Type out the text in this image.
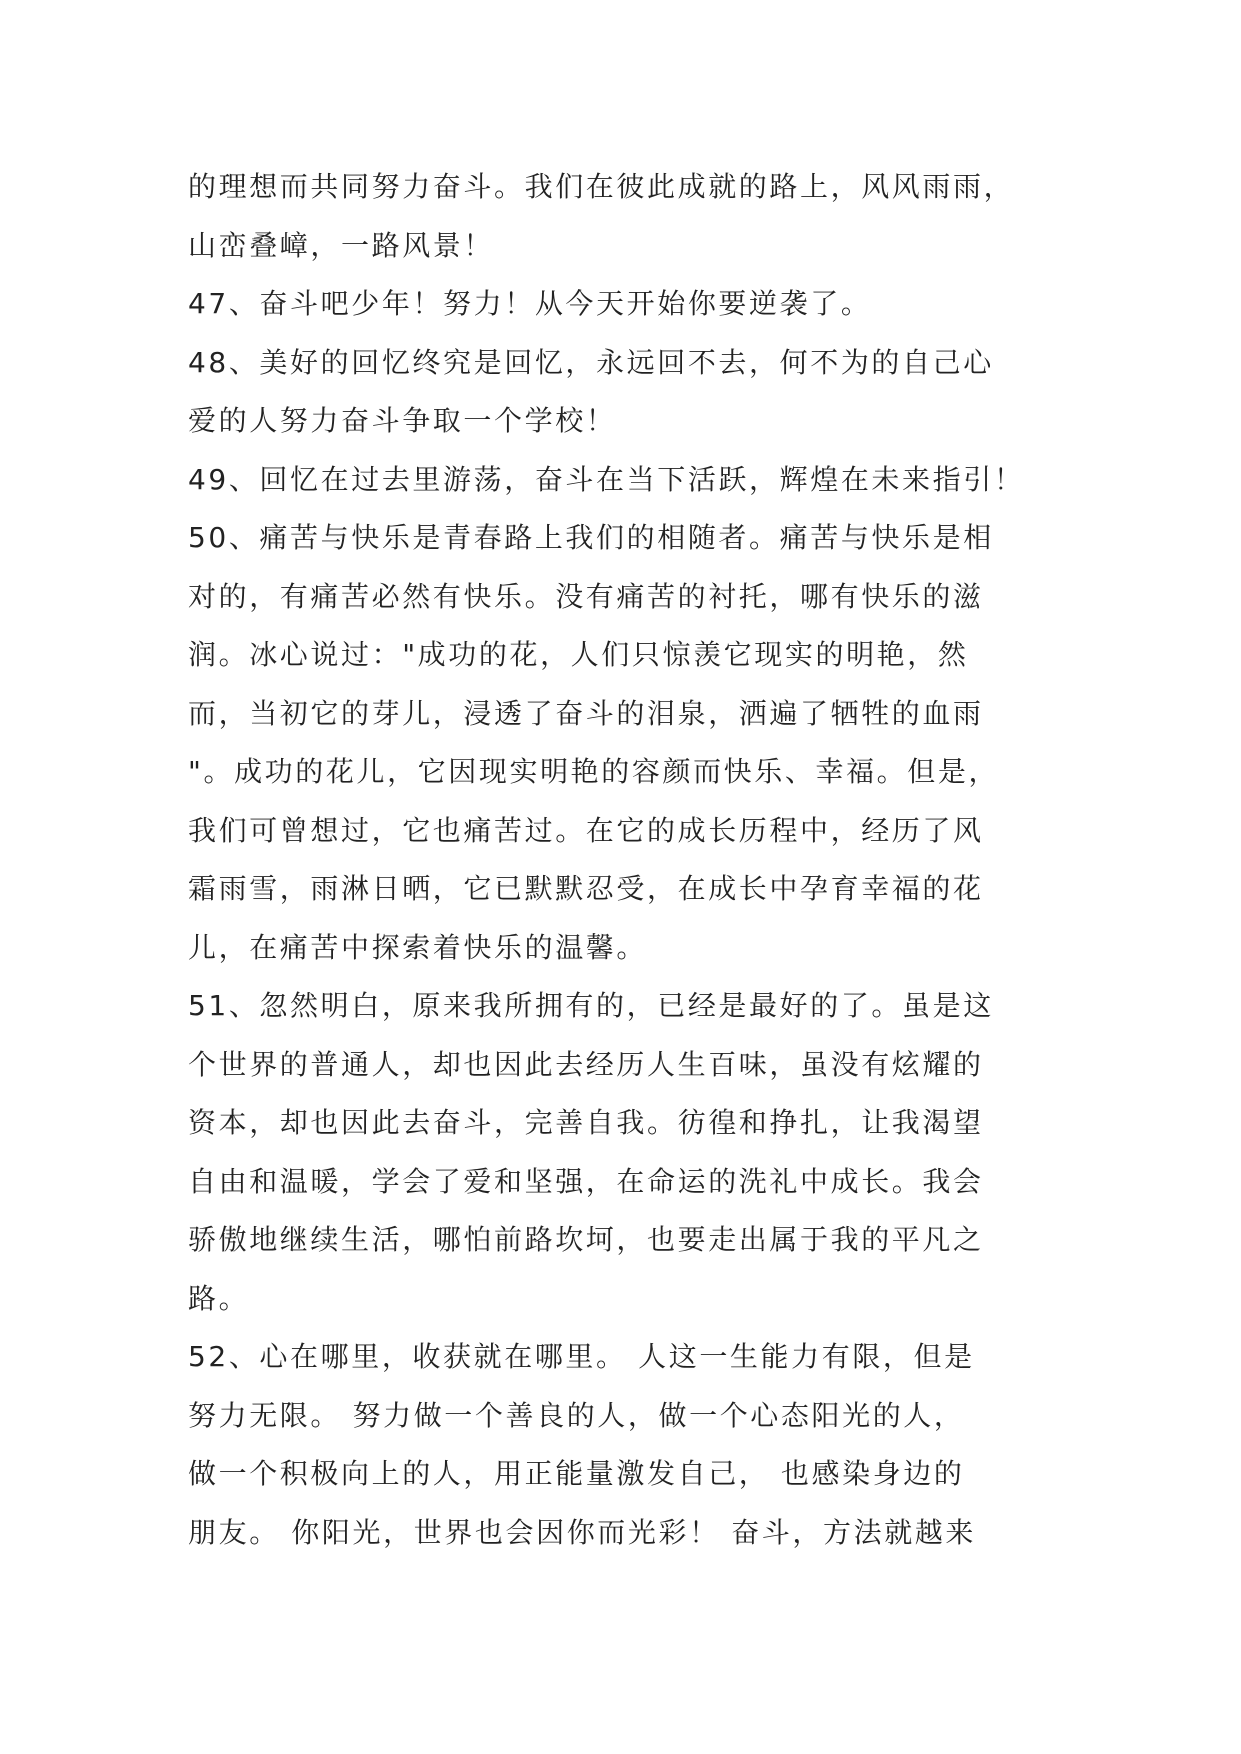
的理想而共同努力奋斗。我们在彼此成就的路上，风风雨雨，
山峦叠嶂，一路风景！
47、奋斗吧少年！努力！从今天开始你要逆袭了。
48、美好的回忆终究是回忆，永远回不去，何不为的自己心
爱的人努力奋斗争取一个学校！
49、回忆在过去里游荡，奋斗在当下活跃，辉煌在未来指引！
50、痛苦与快乐是青春路上我们的相随者。痛苦与快乐是相
对的，有痛苦必然有快乐。没有痛苦的衬托，哪有快乐的滋
润。冰心说过："成功的花，人们只惊羡它现实的明艳，然
而，当初它的芽儿，浸透了奋斗的泪泉，洒遍了牺牲的血雨
"。成功的花儿，它因现实明艳的容颜而快乐、幸福。但是，
我们可曾想过，它也痛苦过。在它的成长历程中，经历了风
霜雨雪，雨淋日晒，它已默默忍受，在成长中孕育幸福的花
儿，在痛苦中探索着快乐的温馨。
51、忽然明白，原来我所拥有的，已经是最好的了。虽是这
个世界的普通人，却也因此去经历人生百味，虽没有炫耀的
资本，却也因此去奋斗，完善自我。彷徨和挣扎，让我渴望
自由和温暖，学会了爱和坚强，在命运的洗礼中成长。我会
骄傲地继续生活，哪怕前路坎坷，也要走出属于我的平凡之
路。
52、心在哪里，收获就在哪里。 人这一生能力有限，但是
努力无限。 努力做一个善良的人，做一个心态阳光的人，
做一个积极向上的人，用正能量激发自己， 也感染身边的
朋友。 你阳光，世界也会因你而光彩！ 奋斗，方法就越来
